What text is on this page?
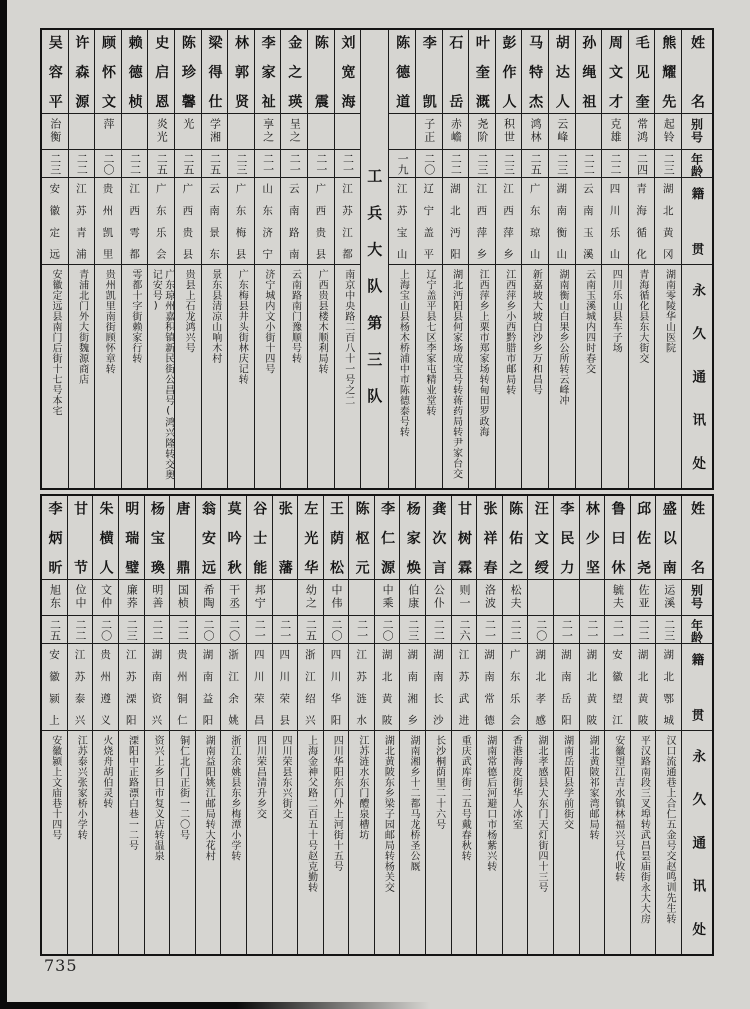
姓名
别号
年龄
籍贯
永久通讯处
熊耀先
起铃
二三
湖北黄冈
湖南零陵华山医院
毛见奎
常鸿
二四
青海循化
青海循化县东大街交
周文才
克雄
二二
四川乐山
四川乐山县车子场
孙绳祖
二二
云南玉溪
云南玉溪城内四时春交
胡达人
云峰
二三
湖南衡山
湖南衡山白果乡公所转云峰冲
马特杰
鸿林
二五
广东琼山
新嘉坡大坡白沙乡万和昌号
彭作人
积世
二三
江西萍乡
江西萍乡小西黔腊市邮局转
叶奎溉
尧阶
二三
江西萍乡
江西萍乡上栗市郑家场转甸田罗政海
石岳
赤嶦
二二
湖北沔阳
湖北沔阳县何家场成宝号转蒋药局转尹家台交
李凯
子正
二〇
辽宁盖平
辽宁盖平县七区李家屯精业堂转
陈德道
一九
江苏宝山
上海宝山县杨木桥浦中市陈德泰号转
工兵大队第三队
刘宽海
二一
江苏江都
南京中央路二百八十一号之二
陈震
二一
广西贵县
广西贵县楼木顺利局转
金之瑛
呈之
二一
云南路南
云南路南门豫顺号转
李家祉
享之
二一
山东济宁
济宁城内文小街十四号
林郭贤
二三
广东梅县
广东梅县井头街林庆记转
梁得仕
学湘
二五
云南景东
景东县清凉山响木村
陈珍馨
光
二五
广西贵县
贵县上石龙鸿兴号
史启恩
炎光
二五
广东乐会
广东琼州嘉积镇新民街公昌号(鸿兴隆转交奥记安号)
赖德桢
二二
江西雩都
雩都十字街赖家行转
顾怀文
萍
二〇
贵州凯里
贵州凯里南街顾怀章转
许森源
二二
江苏青浦
青浦北门外大街魏源商店
吴容平
治衡
二三
安徽定远
安徽定远县南门后街十七号本宅
姓名
别号
年龄
籍贯
永久通讯处
盛以南
运溪
二三
湖北鄂城
汉口流通巷上合仁五金号交赵鸣训先生转
邱佐尧
佐亚
二二
湖北黄陂
平汉路南段三叉埠转武昌昙庙街永大大房
鲁曰休
毓夫
二一
安徽望江
安徽望江吉水镇林福兴号代收转
林少坚
二一
湖北黄陂
湖北黄陂祁家湾邮局转
李民力
二一
湖南岳阳
湖南岳阳县学前街交
汪文绶
二〇
湖北孝感
湖北孝感县大东门天灯街四十三号
陈佑之
松夫
二二
广东乐会
香港海皮街华人冰室
张祥春
洛波
二一
湖南常德
湖南常德后河避口市杨紫兴转
甘树霖
则一
二六
江苏武进
重庆武库街二五号戴春秋转
龚次言
公仆
二二
湖南长沙
长沙桐荫里二十六号
杨家焕
伯康
二三
湖南湘乡
湖南湘乡十二都马龙桥圣公厩
李仁源
中乘
二〇
湖北黄陂
湖北黄陂东乡梁子园邮局转杨关交
陈枢元
二一
江苏涟水
江苏涟水东门醴泉槽坊
王荫松
中伟
二〇
四川华阳
四川华阳东门外上河街十五号
左光华
幼之
二五
浙江绍兴
上海金神父路二百五十号赵克勤转
张藩
二一
四川荣县
四川荣县东兴街交
谷士能
邦宁
二一
四川荣昌
四川荣昌清升乡交
莫吟秋
干丞
二〇
浙江余姚
浙江余姚县东乡梅潭小学转
翁安远
希陶
二〇
湖南益阳
湖南益阳姚江邮局转大花村
唐鼎
国桢
二二
贵州铜仁
铜仁北门正街一二〇号
杨宝瑍
明善
二二
湖南资兴
资兴上乡日市复义店转温泉
明瑞璧
廉荞
二三
江苏溧阳
溧阳中正路漂白巷一二号
朱横人
文仲
二〇
贵州遵义
火烧舟胡伯灵转
甘节
位中
二二
江苏泰兴
江苏泰兴张家桥小学转
李炳昕
旭东
二五
安徽颍上
安徽颍上文庙巷十四号
735
